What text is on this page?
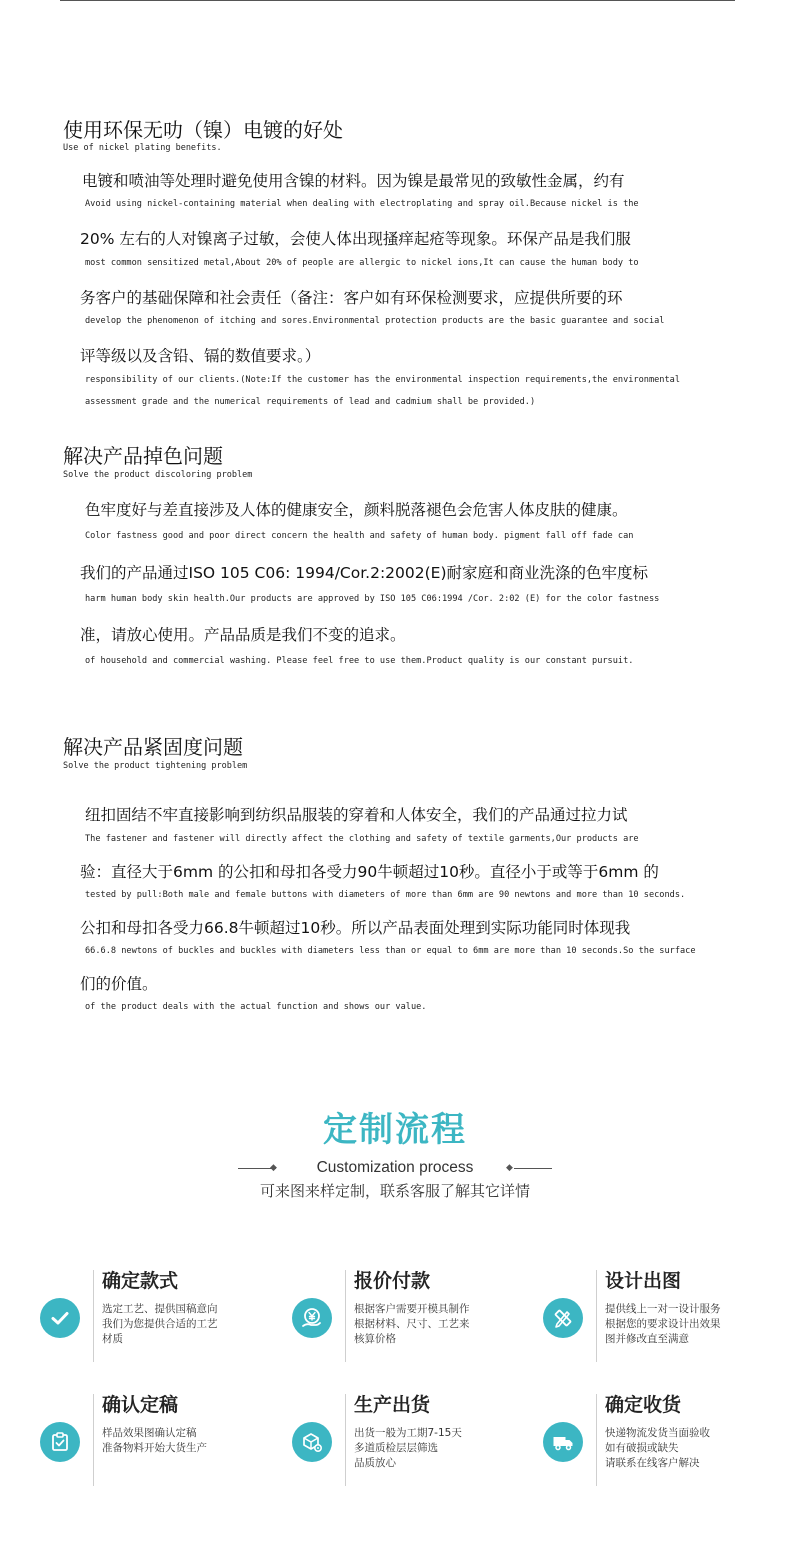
使用环保无叻（镍）电镀的好处
Use of nickel plating benefits.
电镀和喷油等处理时避免使用含镍的材料。因为镍是最常见的致敏性金属，约有
Avoid using nickel-containing material when dealing with electroplating and spray oil.Because nickel is the
20% 左右的人对镍离子过敏，会使人体出现搔痒起疮等现象。环保产品是我们服
most common sensitized metal,About 20% of people are allergic to nickel ions,It can cause the human body to
务客户的基础保障和社会责任（备注：客户如有环保检测要求，应提供所要的环
develop the phenomenon of itching and sores.Environmental protection products are the basic guarantee and social
评等级以及含铅、镉的数值要求。）
responsibility of our clients.(Note:If the customer has the environmental inspection requirements,the environmental
assessment grade and the numerical requirements of lead and cadmium shall be provided.)
解决产品掉色问题
Solve the product discoloring problem
色牢度好与差直接涉及人体的健康安全，颜料脱落褪色会危害人体皮肤的健康。
Color fastness good and poor direct concern the health and safety of human body. pigment fall off fade can
我们的产品通过ISO 105 C06: 1994/Cor.2:2002(E)耐家庭和商业洗涤的色牢度标
harm human body skin health.Our products are approved by ISO 105 C06:1994 /Cor. 2:02 (E) for the color fastness
准，请放心使用。产品品质是我们不变的追求。
of household and commercial washing. Please feel free to use them.Product quality is our constant pursuit.
解决产品紧固度问题
Solve the product tightening problem
纽扣固结不牢直接影响到纺织品服装的穿着和人体安全，我们的产品通过拉力试
The fastener and fastener will directly affect the clothing and safety of textile garments,Our products are
验：直径大于6mm 的公扣和母扣各受力90牛顿超过10秒。直径小于或等于6mm 的
tested by pull:Both male and female buttons with diameters of more than 6mm are 90 newtons and more than 10 seconds.
公扣和母扣各受力66.8牛顿超过10秒。所以产品表面处理到实际功能同时体现我
66.6.8 newtons of buckles and buckles with diameters less than or equal to 6mm are more than 10 seconds.So the surface
们的价值。
of the product deals with the actual function and shows our value.
定制流程
◆	Customization process	◆
可来图来样定制，联系客服了解其它详情
确定款式
选定工艺、提供国稿意向
我们为您提供合适的工艺
材质
报价付款
根据客户需要开模具制作
根据材料、尺寸、工艺来
核算价格
设计出图
提供线上一对一设计服务
根据您的要求设计出效果
图并修改直至满意
确认定稿
样品效果图确认定稿
准备物料开始大货生产
生产出货
出货一般为工期7-15天
多道质检层层筛选
品质放心
确定收货
快递物流发货当面验收
如有破损或缺失
请联系在线客户解决
